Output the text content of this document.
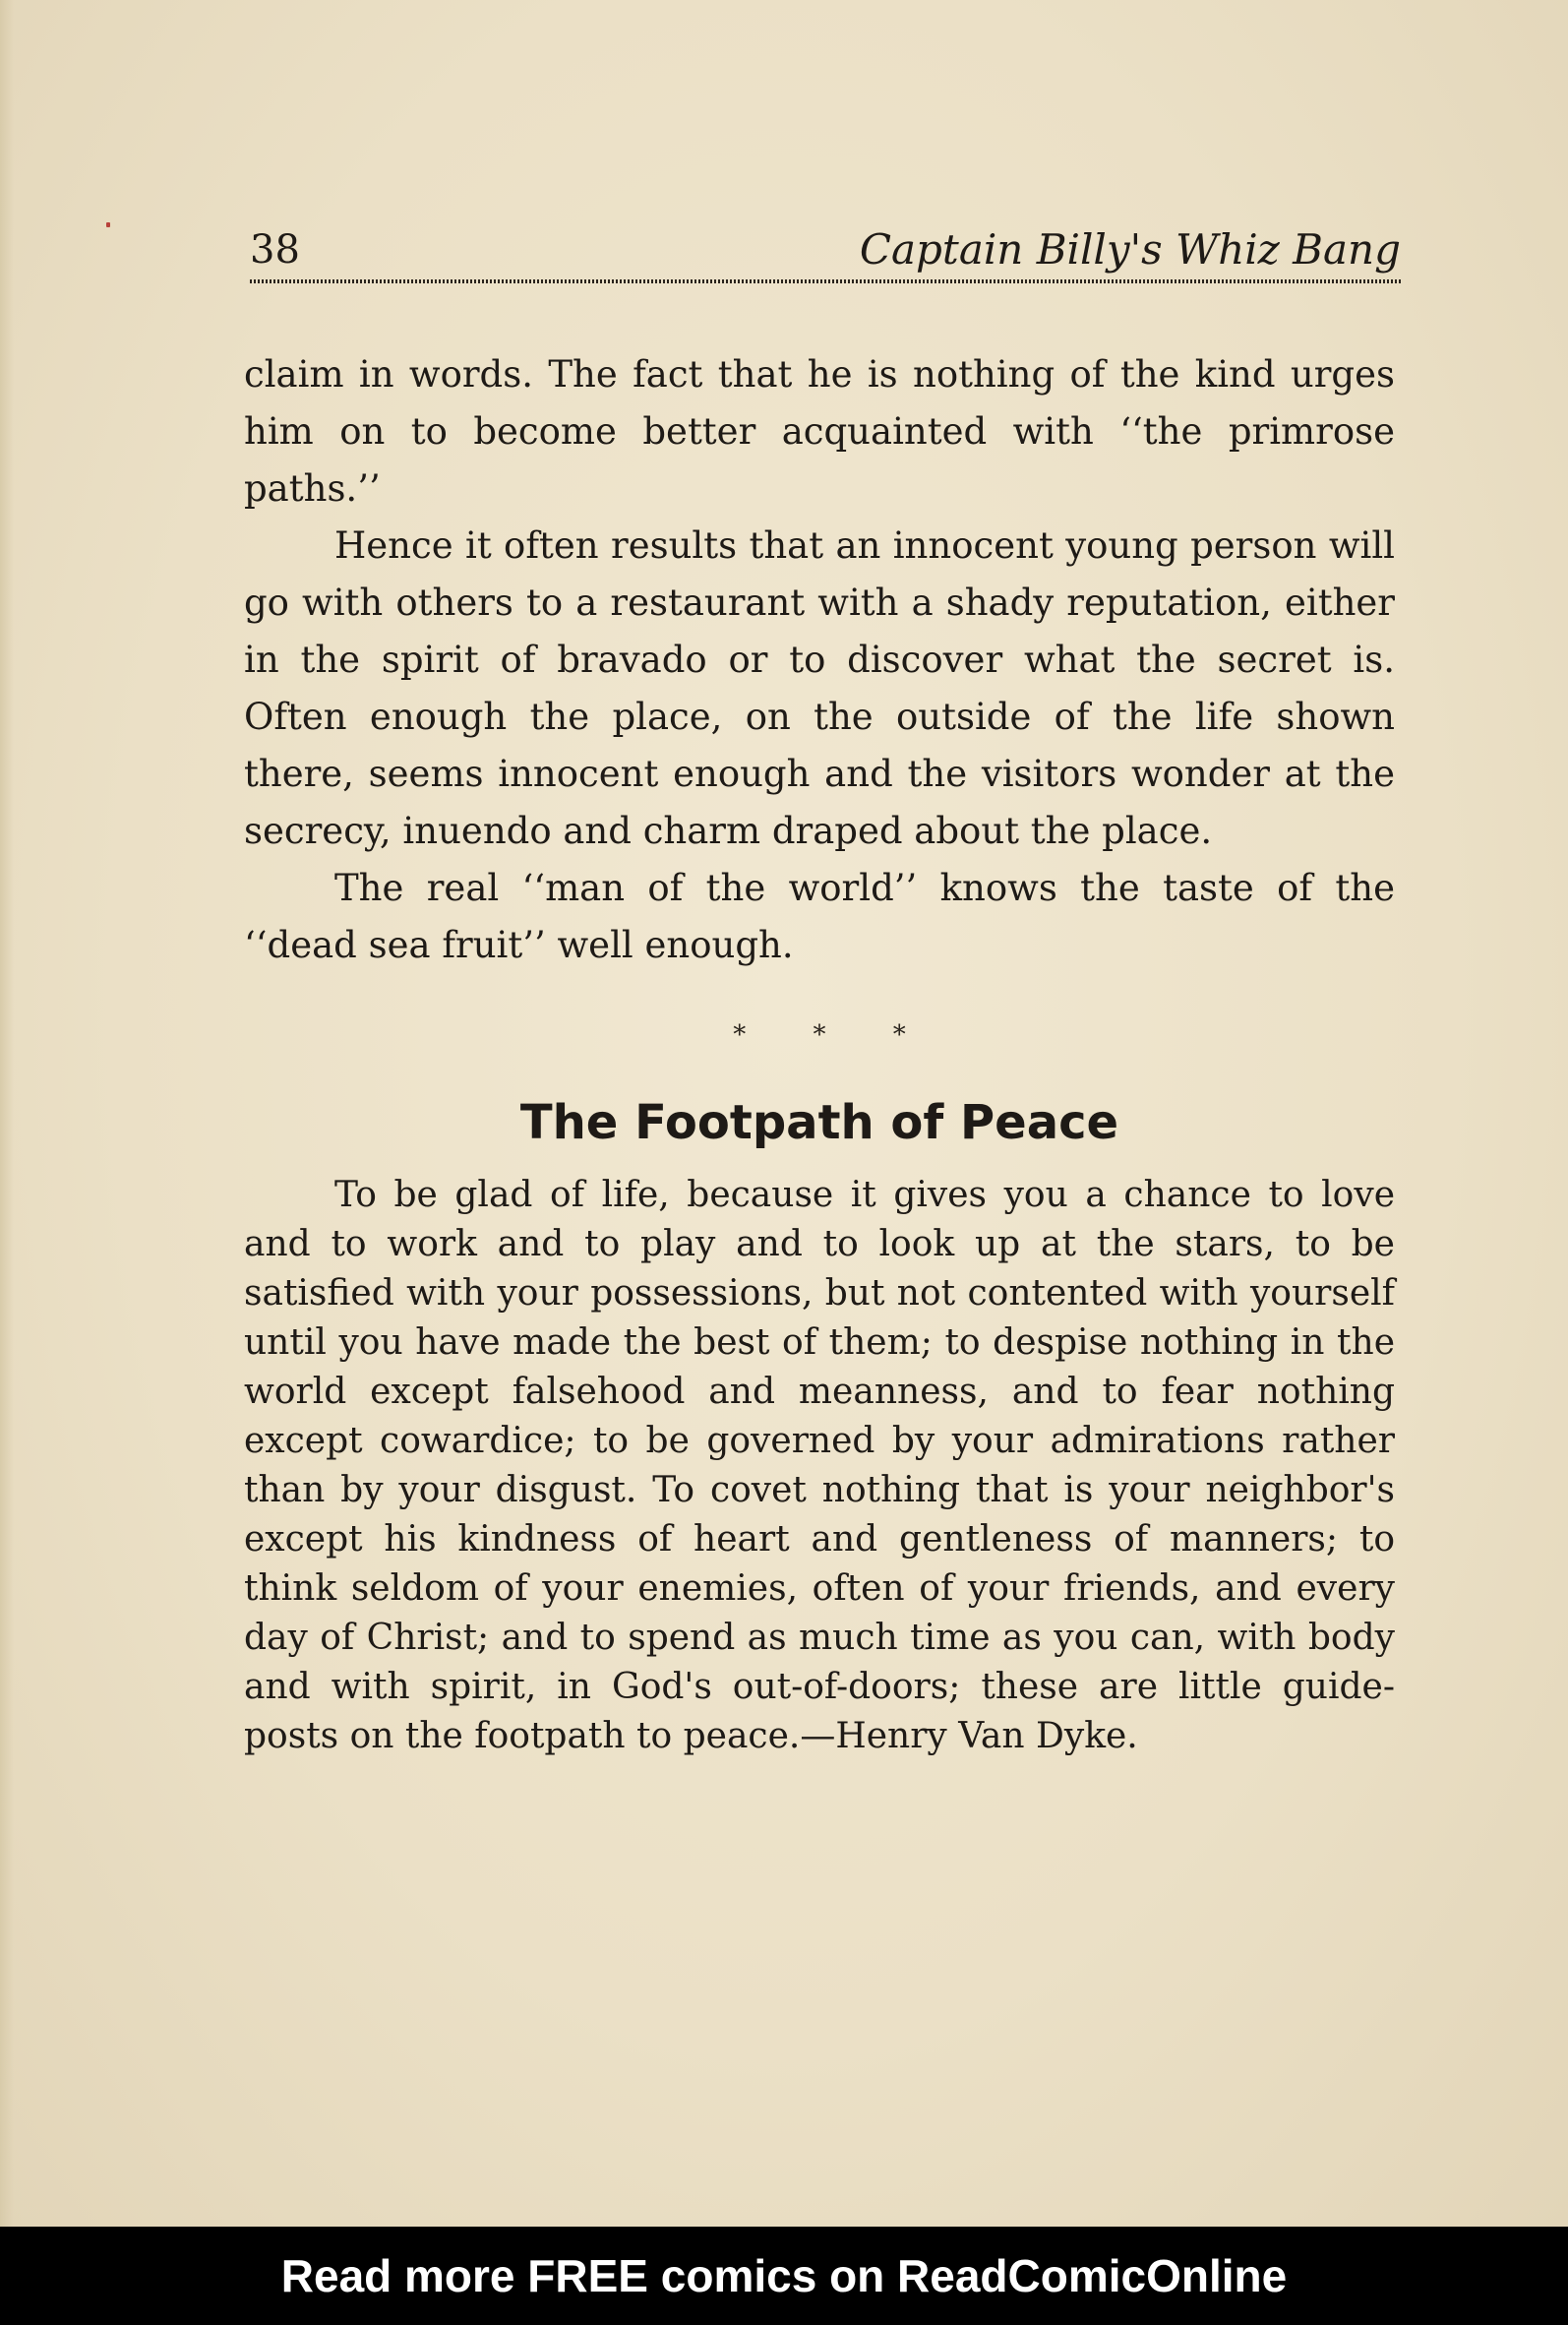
38	Captain Billy's Whiz Bang

claim in words. The fact that he is nothing of the kind urges him on to become better acquainted with ‘‘the primrose paths.’’

Hence it often results that an innocent young person will go with others to a restaurant with a shady reputation, either in the spirit of bravado or to discover what the secret is. Often enough the place, on the outside of the life shown there, seems innocent enough and the visitors wonder at the secrecy, inuendo and charm draped about the place.

The real ‘‘man of the world’’ knows the taste of the ‘‘dead sea fruit’’ well enough.

* * *
The Footpath of Peace

To be glad of life, because it gives you a chance to love and to work and to play and to look up at the stars, to be satisfied with your possessions, but not contented with yourself until you have made the best of them; to despise nothing in the world except falsehood and meanness, and to fear nothing except cowardice; to be governed by your admirations rather than by your disgust. To covet nothing that is your neighbor's except his kindness of heart and gentleness of manners; to think seldom of your enemies, often of your friends, and every day of Christ; and to spend as much time as you can, with body and with spirit, in God's out-of-doors; these are little guide-posts on the footpath to peace.—Henry Van Dyke.

Read more FREE comics on ReadComicOnline
